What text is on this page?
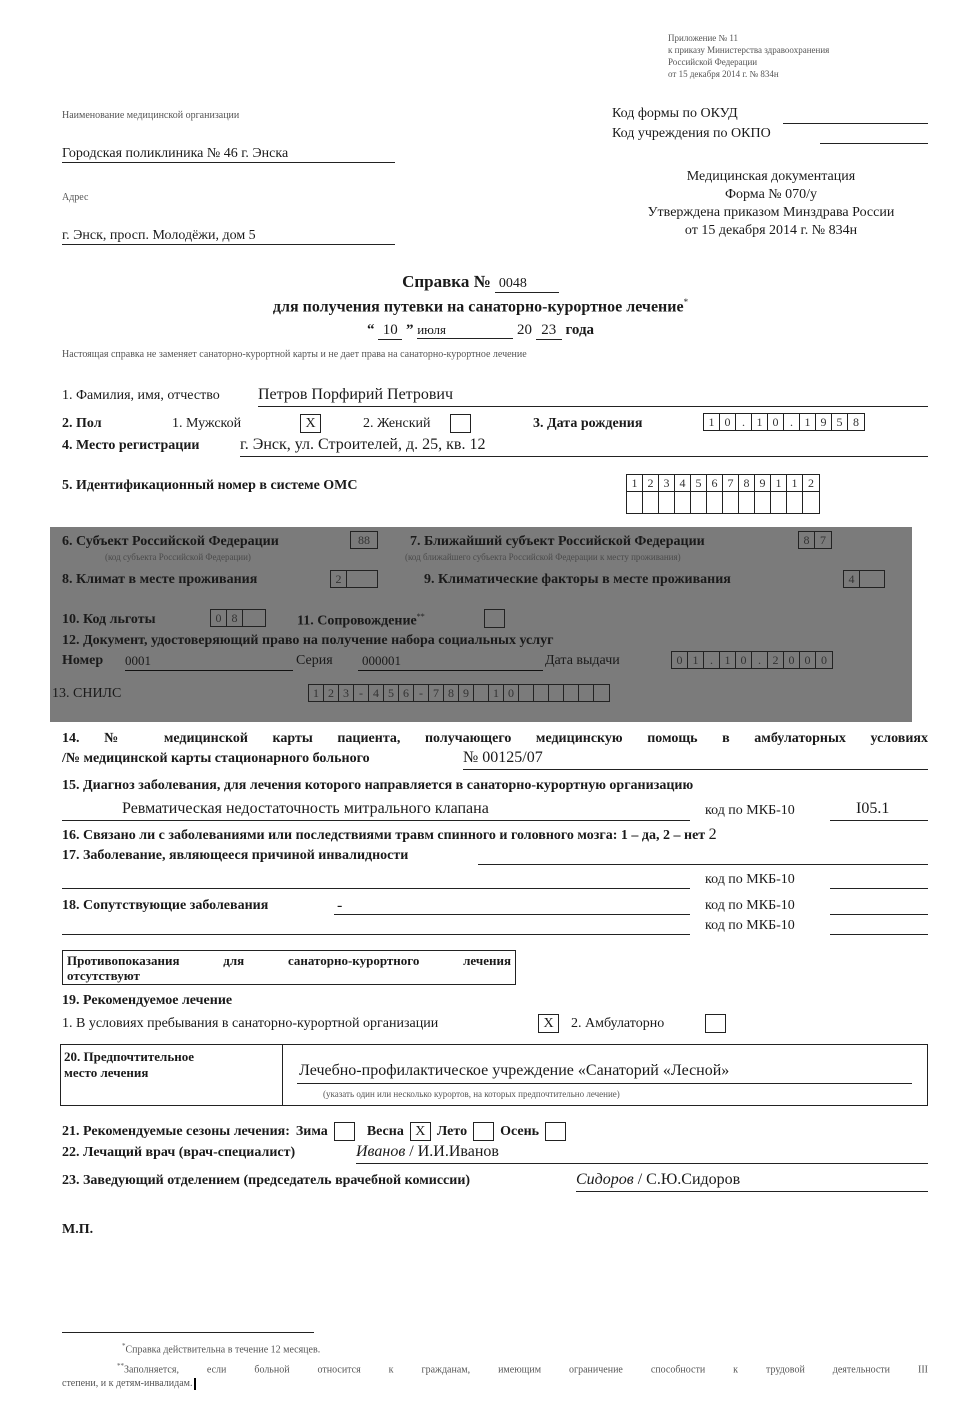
Приложение № 11
к приказу Министерства здравоохранения
Российской Федерации
от 15 декабря 2014 г. № 834н
Наименование медицинской организации
Городская поликлиника № 46 г. Энска
Адрес
г. Энск, просп. Молодёжи, дом 5
Код формы по ОКУД
Код учреждения по ОКПО
Медицинская документация
Форма № 070/у
Утверждена приказом Минздрава России
от 15 декабря 2014 г. № 834н
Справка № 0048
для получения путевки на санаторно-курортное лечение*
“ 10 ” июля	20 23 года
Настоящая справка не заменяет санаторно-курортной карты и не дает права на санаторно-курортное лечение
1. Фамилия, имя, отчество Петров Порфирий Петрович
2. Пол	1. Мужской	X	2. Женский	3. Дата рождения	1 0 . 1 0 . 1 9 5 8
4. Место регистрации	г. Энск, ул. Строителей, д. 25, кв. 12
5. Идентификационный номер в системе ОМС	1 2 3 4 5 6 7 8 9 1 1 2
6. Субъект Российской Федерации	88
(код субъекта Российской Федерации)
7. Ближайший субъект Российской Федерации	8 7
(код ближайшего субъекта Российской Федерации к месту проживания)
8. Климат в месте проживания	2	9. Климатические факторы в месте проживания	4
10. Код льготы	0 8	11. Сопровождение**
12. Документ, удостоверяющий право на получение набора социальных услуг
Номер 0001	Серия	000001	Дата выдачи	0 1 . 1 0 . 2 0 0 0
13. СНИЛС	1 2 3 - 4 5 6 - 7 8 9	1 0
14. № медицинской карты пациента, получающего медицинскую помощь в амбулаторных условиях
/№ медицинской карты стационарного больного	№ 00125/07
15. Диагноз заболевания, для лечения которого направляется в санаторно-курортную организацию
Ревматическая недостаточность митрального клапана	код по МКБ-10	I05.1
16. Связано ли с заболеваниями или последствиями травм спинного и головного мозга: 1 – да, 2 – нет 2
17. Заболевание, являющееся причиной инвалидности
код по МКБ-10
18. Сопутствующие заболевания	-	код по МКБ-10
код по МКБ-10
Противопоказания для санаторно-курортного лечения
отсутствуют
19. Рекомендуемое лечение
1. В условиях пребывания в санаторно-курортной организации	X	2. Амбулаторно
20. Предпочтительное
место лечения	Лечебно-профилактическое учреждение «Санаторий «Лесной»
(указать один или несколько курортов, на которых предпочтительно лечение)
21. Рекомендуемые сезоны лечения: Зима	Весна X Лето Осень
22. Лечащий врач (врач-специалист)	Иванов / И.И.Иванов
23. Заведующий отделением (председатель врачебной комиссии)	Сидоров / С.Ю.Сидоров
М.П.
*Справка действительна в течение 12 месяцев.
**Заполняется, если больной относится к гражданам, имеющим ограничение способности к трудовой деятельности III
степени, и к детям-инвалидам.
